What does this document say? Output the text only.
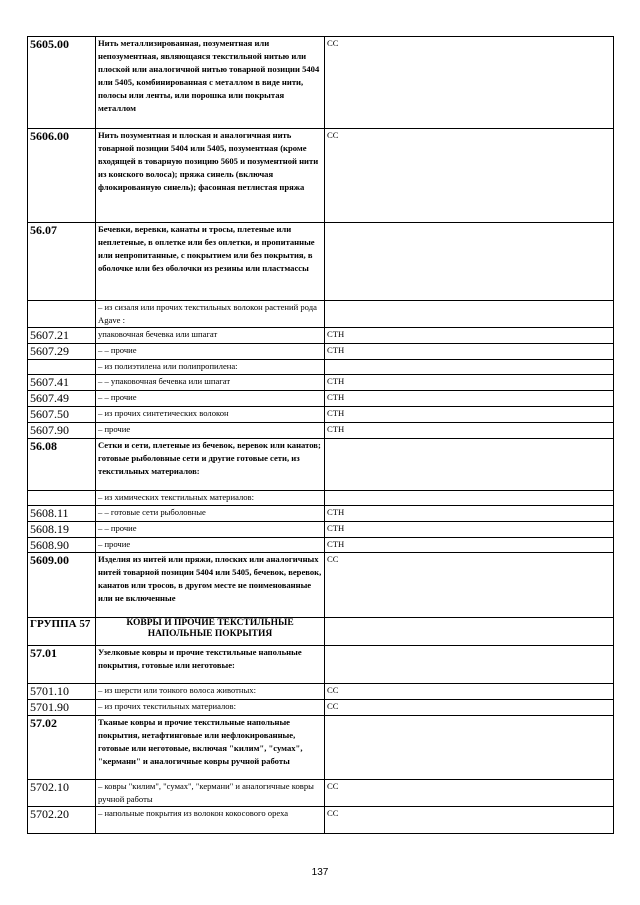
5605.00	Нить металлизированная, позументная или непозументная, являющаяся текстильной нитью или плоской или аналогичной нитью товарной позиции 5404 или 5405, комбинированная с металлом в виде нити, полосы или ленты, или порошка или покрытая металлом	СС
5606.00	Нить позументная и плоская и аналогичная нить товарной позиции 5404 или 5405, позументная (кроме входящей в товарную позицию 5605 и позументной нити из конского волоса); пряжа синель (включая флокированную синель); фасонная петлистая пряжа	СС
56.07	Бечевки, веревки, канаты и тросы, плетеные или неплетеные, в оплетке или без оплетки, и пропитанные или непропитанные, с покрытием или без покрытия, в оболочке или без оболочки из резины или пластмассы	
	– из сизаля или прочих текстильных волокон растений рода Agave :	
5607.21	упаковочная бечевка или шпагат	СТН
5607.29	– – прочие	СТН
	– из полиэтилена или полипропилена:	
5607.41	– – упаковочная бечевка или шпагат	СТН
5607.49	– – прочие	СТН
5607.50	– из прочих синтетических волокон	СТН
5607.90	– прочие	СТН
56.08	Сетки и сети, плетеные из бечевок, веревок или канатов; готовые рыболовные сети и другие готовые сети, из текстильных материалов:	
	– из химических текстильных материалов:	
5608.11	– – готовые сети рыболовные	СТН
5608.19	– – прочие	СТН
5608.90	– прочие	СТН
5609.00	Изделия из нитей или пряжи, плоских или аналогичных нитей товарной позиции 5404 или 5405, бечевок, веревок, канатов или тросов, в другом месте не поименованные или не включенные	СС
ГРУППА 57	КОВРЫ И ПРОЧИЕ ТЕКСТИЛЬНЫЕ НАПОЛЬНЫЕ ПОКРЫТИЯ	
57.01	Узелковые ковры и прочие текстильные напольные покрытия, готовые или неготовые:	
5701.10	– из шерсти или тонкого волоса животных:	СС
5701.90	– из прочих текстильных материалов:	СС
57.02	Тканые ковры и прочие текстильные напольные покрытия, нетафтинговые или нефлокированные, готовые или неготовые, включая "килим", "сумах", "кермани" и аналогичные ковры ручной работы	
5702.10	– ковры "килим", "сумах", "кермани" и аналогичные ковры ручной работы	СС
5702.20	– напольные покрытия из волокон кокосового ореха	СС
137
